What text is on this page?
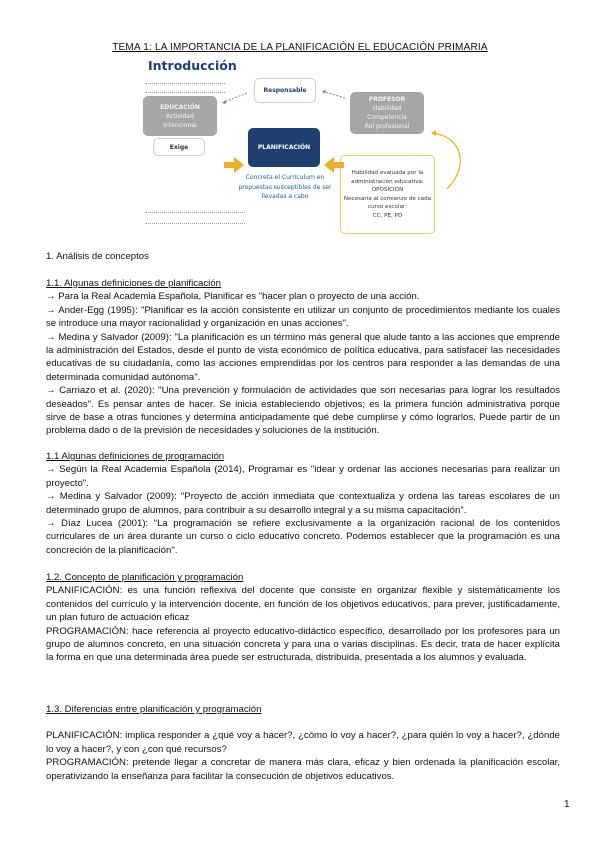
TEMA 1: LA IMPORTANCIA DE LA PLANIFICACIÓN EL EDUCACIÓN PRIMARIA
Introducción
Responsable
EDUCACIÓN
Actividad
Intencional
PROFESOR
Habilidad
Competencia
Rol profesional
Exige	PLANIFICACIÓN
Concreta el Currículum en propuestas susceptibles de ser llevadas a cabo
Habilidad evaluada por la administración educativa:
OPOSICIÓN
Necesaria al comienzo de cada curso escolar:
CC, PE, PD
1. Análisis de conceptos

1.1. Algunas definiciones de planificación

→ Para la Real Academia Española, Planificar es "hacer plan o proyecto de una acción.

→ Ander-Egg (1995): "Planificar es la acción consistente en utilizar un conjunto de procedimientos mediante los cuales se introduce una mayor racionalidad y organización en unas acciones".

→ Medina y Salvador (2009): "La planificación es un término más general que alude tanto a las acciones que emprende la administración del Estados, desde el punto de vista económico de política educativa, para satisfacer las necesidades educativas de su ciudadanía, como las acciones emprendidas por los centros para responder a las demandas de una determinada comunidad autónoma".

→ Carriazo et al. (2020): "Una prevención y formulación de actividades que son necesarias para lograr los resultados deseados". Es pensar antes de hacer. Se inicia estableciendo objetivos; es la primera función administrativa porque sirve de base a otras funciones y determina anticipadamente qué debe cumplirse y cómo lograrlos. Puede partir de un problema dado o de la previsión de necesidades y soluciones de la institución.

1.1 Algunas definiciones de programación

→ Según la Real Academia Española (2014), Programar es "idear y ordenar las acciones necesarias para realizar un proyecto".

→ Medina y Salvador (2009): "Proyecto de acción inmediata que contextualiza y ordena las tareas escolares de un determinado grupo de alumnos, para contribuir a su desarrollo integral y a su misma capacitación".

→ Díaz Lucea (2001): "La programación se refiere exclusivamente a la organización racional de los contenidos curriculares de un área durante un curso o ciclo educativo concreto. Podemos establecer que la programación es una concreción de la planificación".

1.2. Concepto de planificación y programación

PLANIFICACIÓN: es una función reflexiva del docente que consiste en organizar flexible y sistemáticamente los contenidos del currículo y la intervención docente, en función de los objetivos educativos, para prever, justificadamente, un plan futuro de actuación eficaz

PROGRAMACIÓN: hace referencia al proyecto educativo-didáctico específico, desarrollado por los profesores para un grupo de alumnos concreto, en una situación concreta y para una o varias disciplinas. Es decir, trata de hacer explícita la forma en que una determinada área puede ser estructurada, distribuida, presentada a los alumnos y evaluada.

1.3. Diferencias entre planificación y programación

PLANIFICACIÓN: implica responder a ¿qué voy a hacer?, ¿cómo lo voy a hacer?, ¿para quién lo voy a hacer?, ¿dónde lo voy a hacer?, y con ¿con qué recursos?

PROGRAMACIÓN: pretende llegar a concretar de manera más clara, eficaz y bien ordenada la planificación escolar, operativizando la enseñanza para facilitar la consecución de objetivos educativos.

1
